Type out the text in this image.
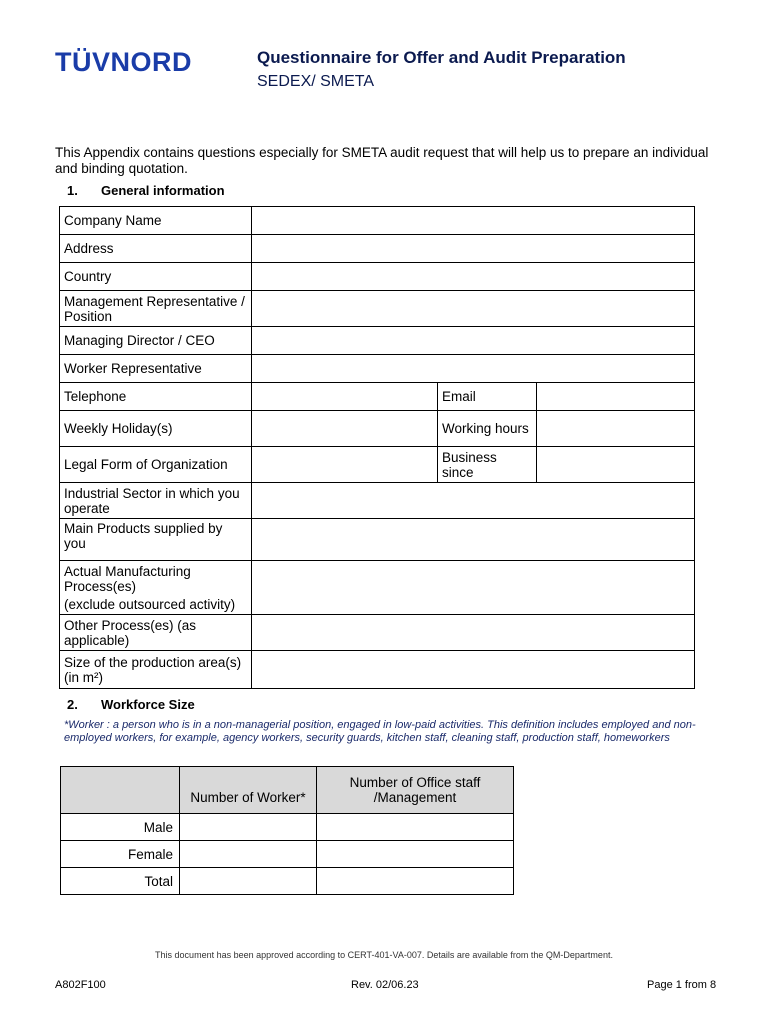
TÜVNORD	Questionnaire for Offer and Audit Preparation
SEDEX/ SMETA
This Appendix contains questions especially for SMETA audit request that will help us to prepare an individual and binding quotation.
1. General information
Company Name			
Address			
Country			
Management Representative / Position			
Managing Director / CEO			
Worker Representative			
Telephone		Email	
Weekly Holiday(s)		Working hours	
Legal Form of Organization		Business since	
Industrial Sector in which you operate			
Main Products supplied by you			

Actual Manufacturing Process(es)
(exclude outsourced activity)			

Other Process(es) (as applicable)			
Size of the production area(s) (in m²)			
2. Workforce Size
*Worker : a person who is in a non-managerial position, engaged in low-paid activities. This definition includes employed and non-employed workers, for example, agency workers, security guards, kitchen staff, cleaning staff, production staff, homeworkers
	Number of Worker*	Number of Office staff /Management
Male		
Female		
Total		
This document has been approved according to CERT-401-VA-007. Details are available from the QM-Department.
A802F100	Rev. 02/06.23	Page 1 from 8
